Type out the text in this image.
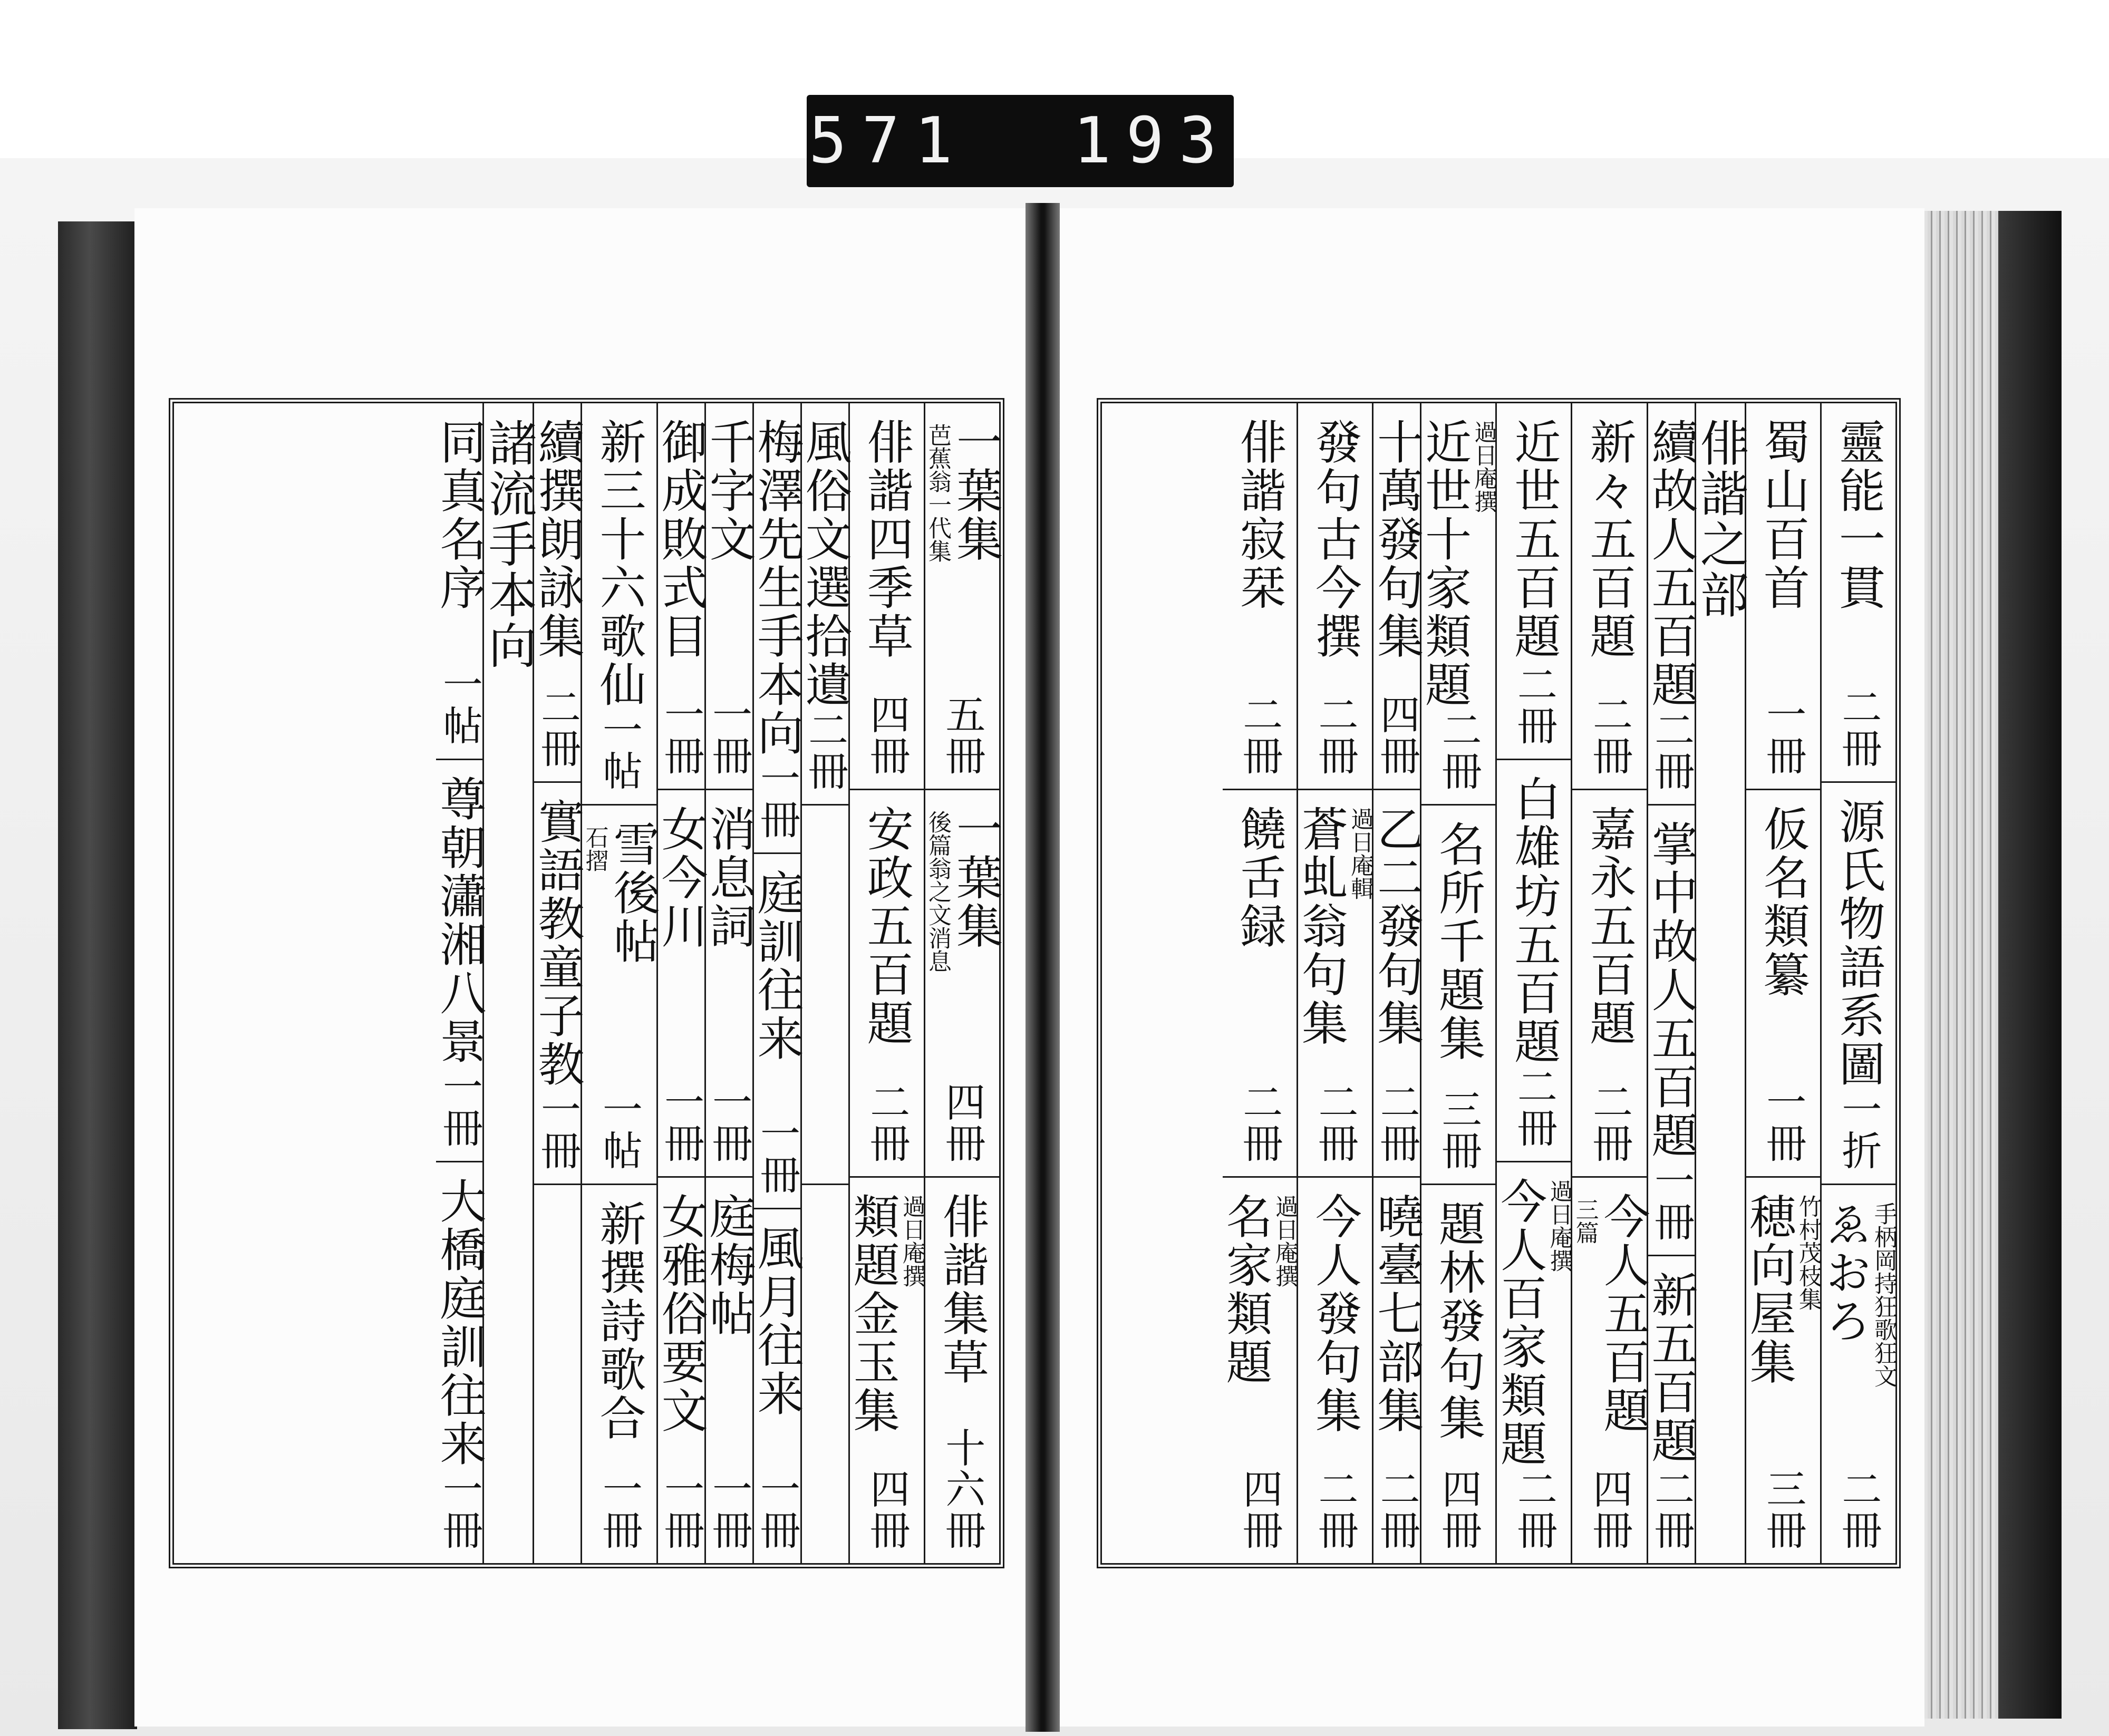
571  193
靈能一貫
二冊
源氏物語系圖
一折
手柄岡持狂歌狂文
ゑおろ
二冊
蜀山百首
一冊
仮名類纂
一冊
竹村茂枝集
穂向屋集
三冊
俳諧之部
續故人五百題
二冊
掌中故人五百題
一冊
新五百題
二冊
新々五百題
二冊
嘉永五百題
二冊
今人五百題
三篇
四冊
近世五百題
二冊
白雄坊五百題
二冊
過日庵撰
今人百家類題
二冊
過日庵撰
近世十家類題
二冊
名所千題集
三冊
題林發句集
四冊
十萬發句集
四冊
乙二發句集
二冊
曉臺七部集
二冊
發句古今撰
二冊
過日庵輯
蒼虬翁句集
二冊
今人發句集
二冊
俳諧寂栞
二冊
饒舌録
二冊
過日庵撰
名家類題
四冊
一葉集
芭蕉翁一代集
五冊
一葉集
後篇翁之文消息
四冊
俳諧集草
十六冊
俳諧四季草
四冊
安政五百題
二冊
過日庵撰
類題金玉集
四冊
風俗文選拾遺
二冊
梅澤先生手本向
一冊
庭訓往来
一冊
風月往来
一冊
千字文
一冊
消息詞
一冊
庭梅帖
一冊
御成敗式目
一冊
女今川
一冊
女雅俗要文
一冊
新三十六歌仙
一帖
雪後帖
石摺
一帖
新撰詩歌合
一冊
續撰朗詠集
二冊
實語教童子教
一冊
諸流手本向
同真名序
一帖
尊朝瀟湘八景
一冊
大橋庭訓往来
一冊
